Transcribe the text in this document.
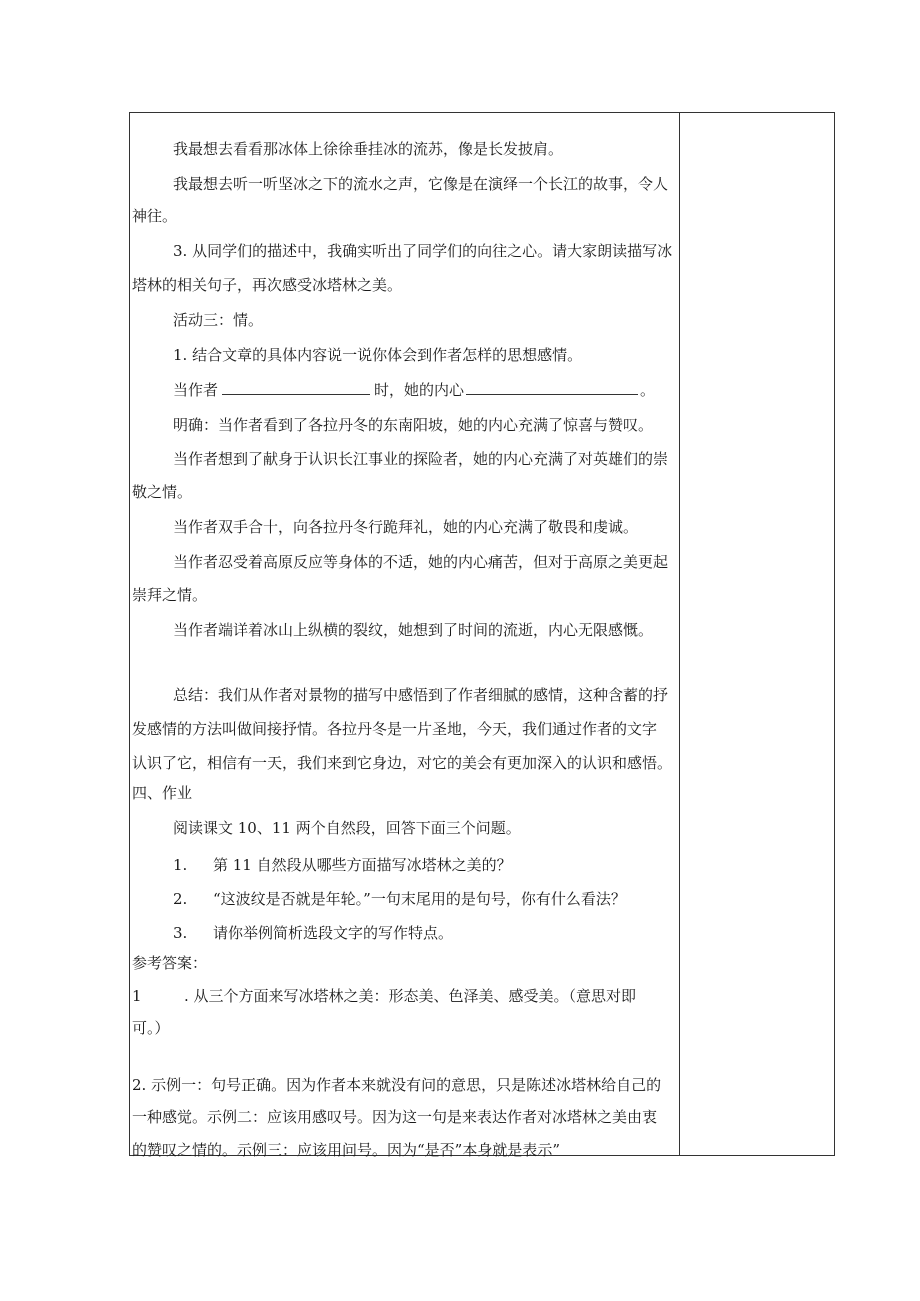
我最想去看看那冰体上徐徐垂挂冰的流苏，像是长发披肩。
我最想去听一听坚冰之下的流水之声，它像是在演绎一个长江的故事，令人
神往。
3. 从同学们的描述中，我确实听出了同学们的向往之心。请大家朗读描写冰
塔林的相关句子，再次感受冰塔林之美。
活动三：情。
1. 结合文章的具体内容说一说你体会到作者怎样的思想感情。
当作者	时，她的内心	。
明确：当作者看到了各拉丹冬的东南阳坡，她的内心充满了惊喜与赞叹。
当作者想到了献身于认识长江事业的探险者，她的内心充满了对英雄们的崇
敬之情。
当作者双手合十，向各拉丹冬行跪拜礼，她的内心充满了敬畏和虔诚。
当作者忍受着高原反应等身体的不适，她的内心痛苦，但对于高原之美更起
崇拜之情。
当作者端详着冰山上纵横的裂纹，她想到了时间的流逝，内心无限感慨。
总结：我们从作者对景物的描写中感悟到了作者细腻的感情，这种含蓄的抒
发感情的方法叫做间接抒情。各拉丹冬是一片圣地，今天，我们通过作者的文字
认识了它，相信有一天，我们来到它身边，对它的美会有更加深入的认识和感悟。
四、作业
阅读课文 10、11 两个自然段，回答下面三个问题。
1. 第 11 自然段从哪些方面描写冰塔林之美的？
2. “这波纹是否就是年轮。”一句末尾用的是句号，你有什么看法？
3. 请你举例简析选段文字的写作特点。
参考答案：
1	. 从三个方面来写冰塔林之美：形态美、色泽美、感受美。（意思对即
可。）
2. 示例一：句号正确。因为作者本来就没有问的意思，只是陈述冰塔林给自己的
一种感觉。示例二：应该用感叹号。因为这一句是来表达作者对冰塔林之美由衷
的赞叹之情的。示例三：应该用问号。因为“是否”本身就是表示”
